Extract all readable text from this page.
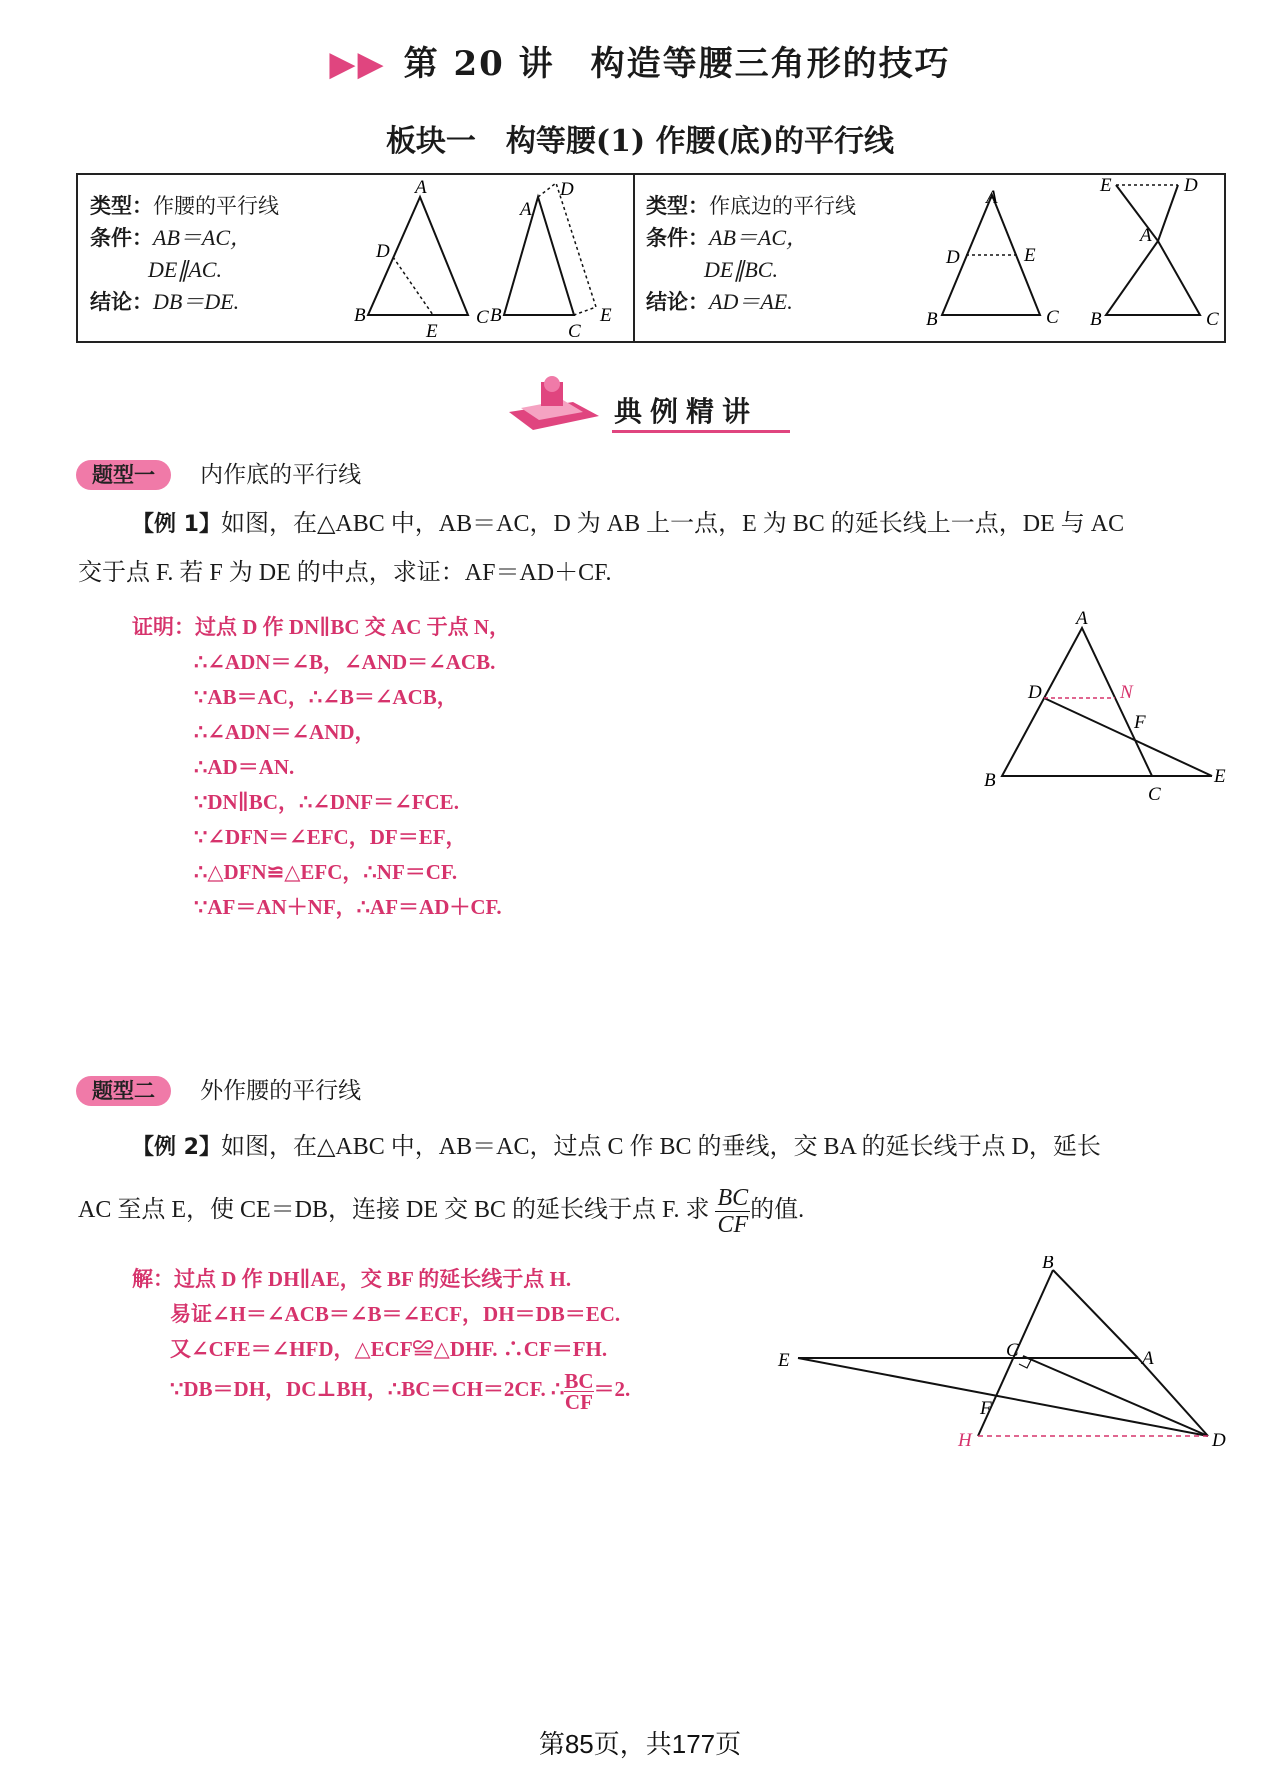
▶▶ 第 20 讲　构造等腰三角形的技巧
板块一　构等腰(1) 作腰(底)的平行线
类型：作腰的平行线
条件：AB＝AC，
DE∥AC.
结论：DB＝DE.
类型：作底边的平行线
条件：AB＝AC，
DE∥BC.
结论：AD＝AE.
A
B	C
D
E
A
D
B
C
E
A
D	E
B	C
E	D
A
B	C
典例精讲
题型一 内作底的平行线
【例 1】如图，在△ABC 中，AB＝AC，D 为 AB 上一点，E 为 BC 的延长线上一点，DE 与 AC
交于点 F. 若 F 为 DE 的中点，求证：AF＝AD＋CF.
证明：过点 D 作 DN∥BC 交 AC 于点 N，
∴∠ADN＝∠B，∠AND＝∠ACB.
∵AB＝AC，∴∠B＝∠ACB，
∴∠ADN＝∠AND，
∴AD＝AN.
∵DN∥BC，∴∠DNF＝∠FCE.
∵∠DFN＝∠EFC，DF＝EF，
∴△DFN≌△EFC，∴NF＝CF.
∵AF＝AN＋NF，∴AF＝AD＋CF.
A
D	N
F
B
C
E
题型二 外作腰的平行线
【例 2】如图，在△ABC 中，AB＝AC，过点 C 作 BC 的垂线，交 BA 的延长线于点 D，延长
AC 至点 E，使 CE＝DB，连接 DE 交 BC 的延长线于点 F. 求 $\frac{BC}{CF}$ 的值.
解：过点 D 作 DH∥AE，交 BF 的延长线于点 H.
易证∠H＝∠ACB＝∠B＝∠ECF，DH＝DB＝EC.
又∠CFE＝∠HFD，△ECF≌△DHF. ∴CF＝FH.
∵DB＝DH，DC⊥BH，∴BC＝CH＝2CF. ∴ $\frac{BC}{CF} =2$.
B
C	A
E
F
H	D
第85页，共177页
